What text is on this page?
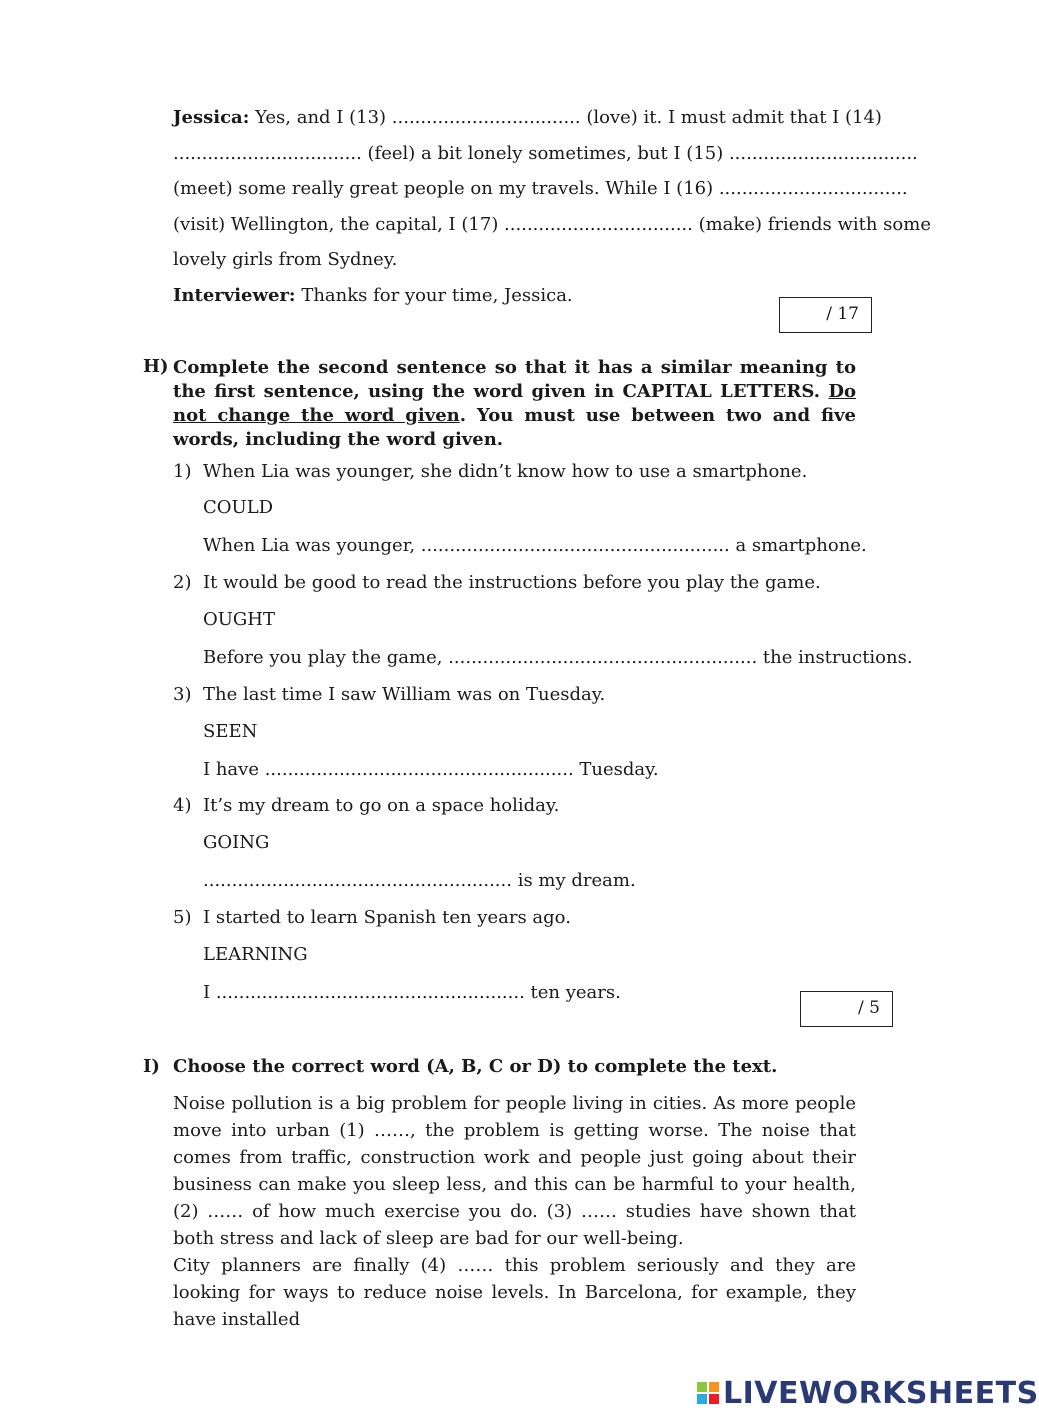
Jessica: Yes, and I (13) ................................. (love) it. I must admit that I (14)
................................. (feel) a bit lonely sometimes, but I (15) .................................
(meet) some really great people on my travels. While I (16) .................................
(visit) Wellington, the capital, I (17) ................................. (make) friends with some
lovely girls from Sydney.
Interviewer: Thanks for your time, Jessica.
/ 17
H) Complete the second sentence so that it has a similar meaning to the first sentence, using the word given in CAPITAL LETTERS. Do not change the word given. You must use between two and five words, including the word given.
1) When Lia was younger, she didn’t know how to use a smartphone.
COULD
When Lia was younger, ...................................................... a smartphone.
2) It would be good to read the instructions before you play the game.
OUGHT
Before you play the game, ...................................................... the instructions.
3) The last time I saw William was on Tuesday.
SEEN
I have ...................................................... Tuesday.
4) It’s my dream to go on a space holiday.
GOING
...................................................... is my dream.
5) I started to learn Spanish ten years ago.
LEARNING
I ...................................................... ten years.
/ 5
I) Choose the correct word (A, B, C or D) to complete the text.
Noise pollution is a big problem for people living in cities. As more people move into urban (1) ……, the problem is getting worse. The noise that comes from traffic, construction work and people just going about their business can make you sleep less, and this can be harmful to your health, (2) …… of how much exercise you do. (3) …… studies have shown that both stress and lack of sleep are bad for our well-being.
City planners are finally (4) …… this problem seriously and they are looking for ways to reduce noise levels. In Barcelona, for example, they have installed
LIVEWORKSHEETS
